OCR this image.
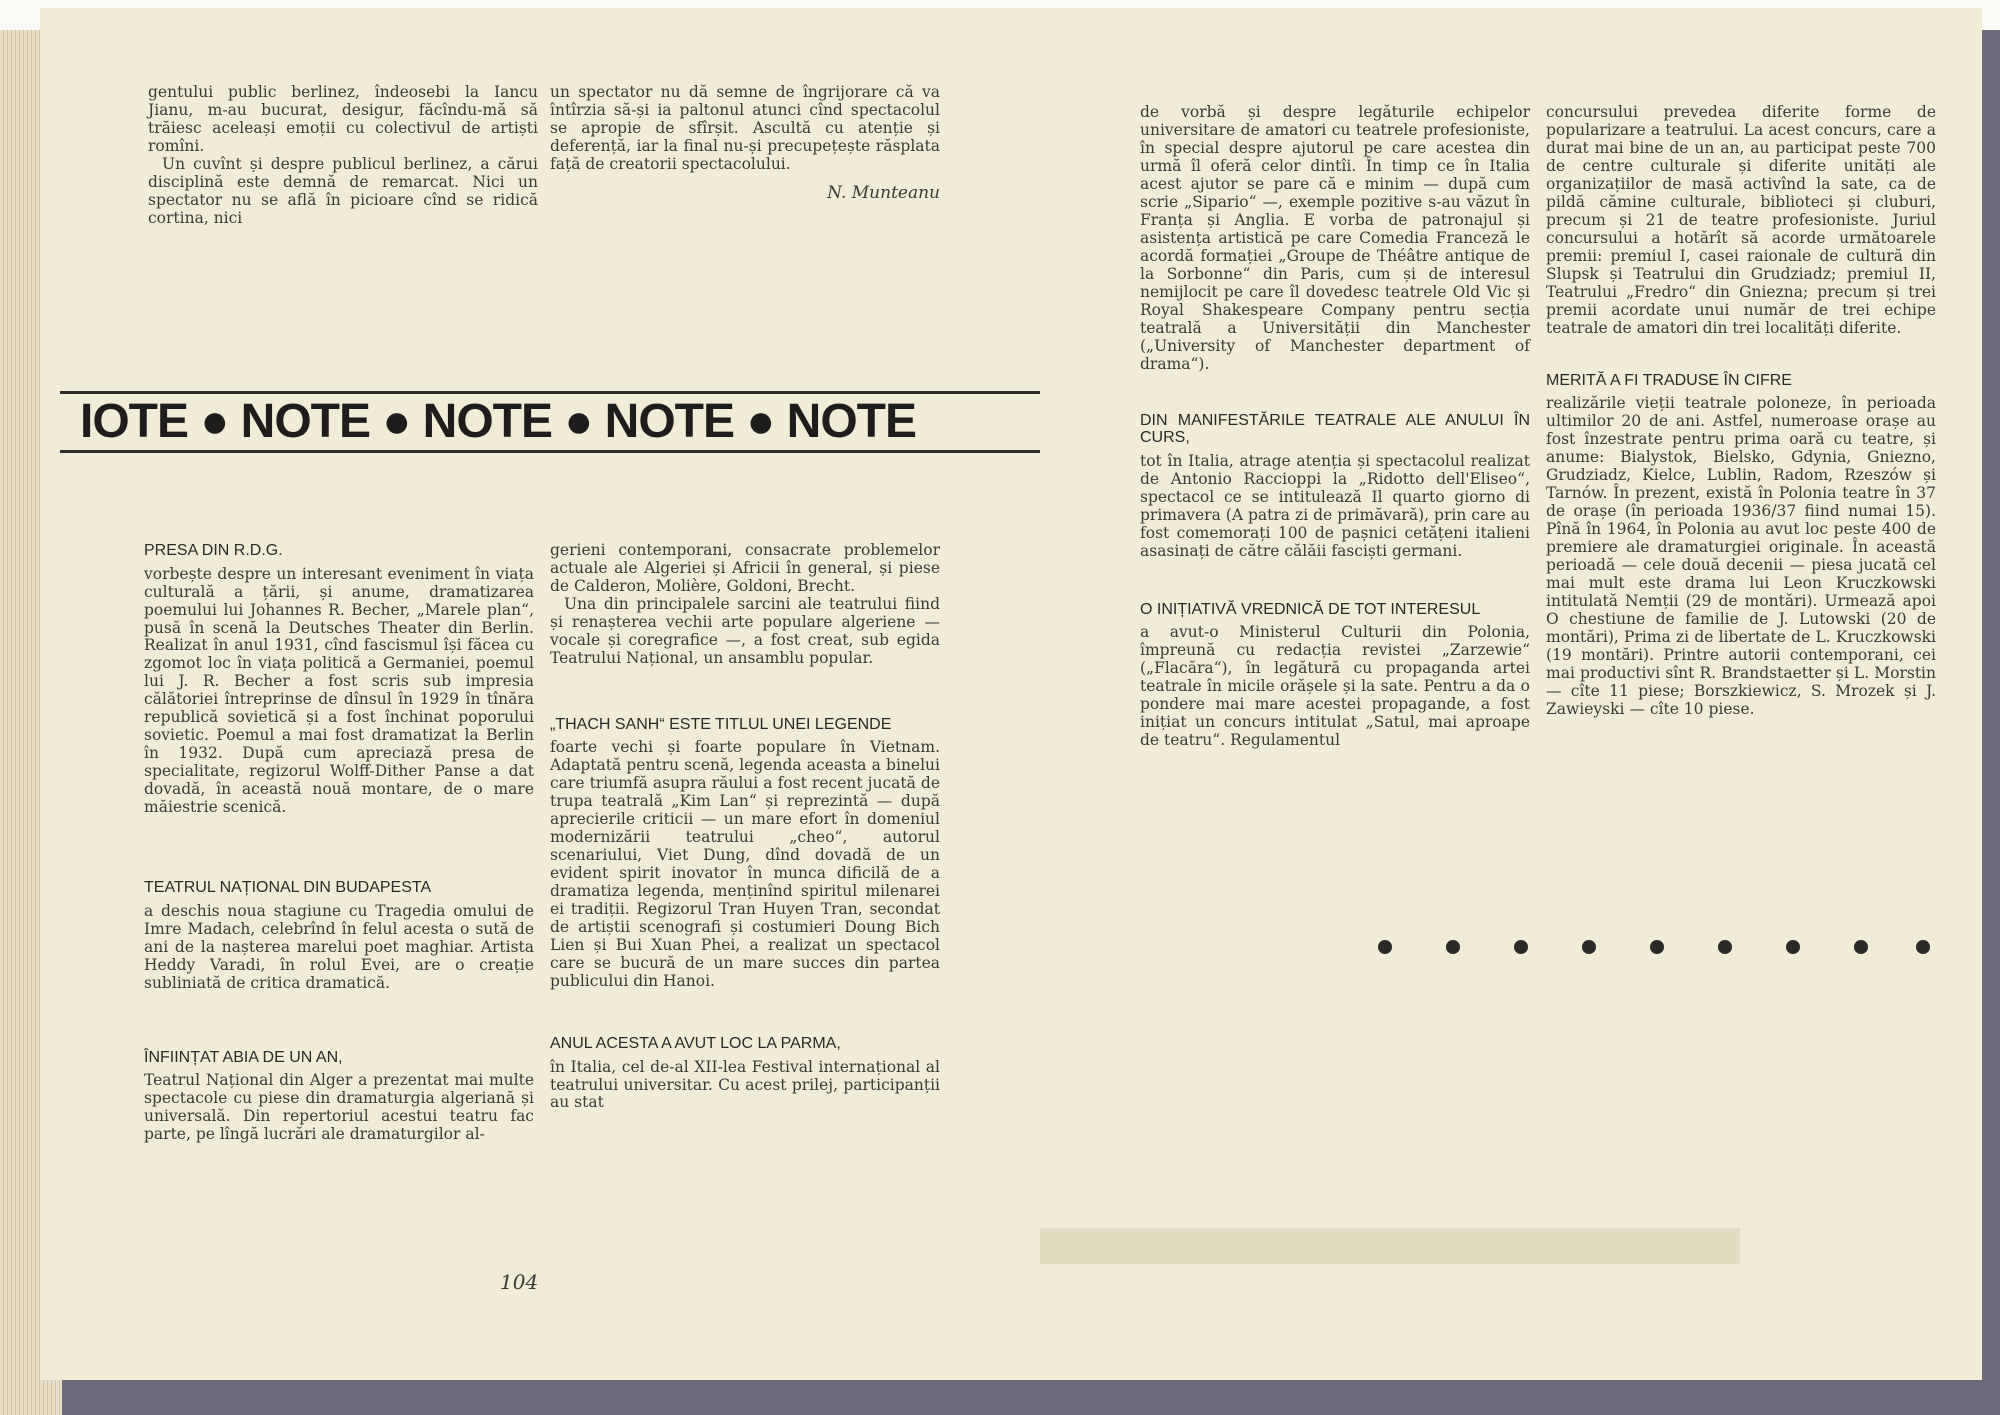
gentului public berlinez, îndeosebi la Iancu Jianu, m-au bucurat, desigur, făcîndu-mă să trăiesc aceleași emoții cu colectivul de artiști romîni.

Un cuvînt și despre publicul berlinez, a cărui disciplină este demnă de remarcat. Nici un spectator nu se află în picioare cînd se ridică cortina, nici

un spectator nu dă semne de îngrijorare că va întîrzia să-și ia paltonul atunci cînd spectacolul se apropie de sfîrșit. Ascultă cu atenție și deferență, iar la final nu-și precupețește răsplata față de creatorii spectacolului.

N. Munteanu
IOTE ● NOTE ● NOTE ● NOTE ● NOTE
PRESA DIN R.D.G.

vorbește despre un interesant eveniment în viața culturală a țării, și anume, dramatizarea poemului lui Johannes R. Becher, „Marele plan“, pusă în scenă la Deutsches Theater din Berlin. Realizat în anul 1931, cînd fascismul își făcea cu zgomot loc în viața politică a Germaniei, poemul lui J. R. Becher a fost scris sub impresia călătoriei întreprinse de dînsul în 1929 în tînăra republică sovietică și a fost închinat poporului sovietic. Poemul a mai fost dramatizat la Berlin în 1932. După cum apreciază presa de specialitate, regizorul Wolff-Dither Panse a dat dovadă, în această nouă montare, de o mare măiestrie scenică.

TEATRUL NAȚIONAL DIN BUDAPESTA

a deschis noua stagiune cu Tragedia omului de Imre Madach, celebrînd în felul acesta o sută de ani de la nașterea marelui poet maghiar. Artista Heddy Varadi, în rolul Evei, are o creație subliniată de critica dramatică.

ÎNFIINȚAT ABIA DE UN AN,

Teatrul Național din Alger a prezentat mai multe spectacole cu piese din dramaturgia algeriană și universală. Din repertoriul acestui teatru fac parte, pe lîngă lucrări ale dramaturgilor al-

gerieni contemporani, consacrate problemelor actuale ale Algeriei și Africii în general, și piese de Calderon, Molière, Goldoni, Brecht.

Una din principalele sarcini ale teatrului fiind și renașterea vechii arte populare algeriene — vocale și coregrafice —, a fost creat, sub egida Teatrului Național, un ansamblu popular.

„THACH SANH“ ESTE TITLUL UNEI LEGENDE

foarte vechi și foarte populare în Vietnam. Adaptată pentru scenă, legenda aceasta a binelui care triumfă asupra răului a fost recent jucată de trupa teatrală „Kim Lan“ și reprezintă — după aprecierile criticii — un mare efort în domeniul modernizării teatrului „cheo“, autorul scenariului, Viet Dung, dînd dovadă de un evident spirit inovator în munca dificilă de a dramatiza legenda, menținînd spiritul milenarei ei tradiții. Regizorul Tran Huyen Tran, secondat de artiștii scenografi și costumieri Doung Bich Lien și Bui Xuan Phei, a realizat un spectacol care se bucură de un mare succes din partea publicului din Hanoi.

ANUL ACESTA A AVUT LOC LA PARMA,

în Italia, cel de-al XII-lea Festival internațional al teatrului universitar. Cu acest prilej, participanții au stat

104

de vorbă și despre legăturile echipelor universitare de amatori cu teatrele profesioniste, în special despre ajutorul pe care acestea din urmă îl oferă celor dintîi. În timp ce în Italia acest ajutor se pare că e minim — după cum scrie „Sipario“ —, exemple pozitive s-au văzut în Franța și Anglia. E vorba de patronajul și asistența artistică pe care Comedia Franceză le acordă formației „Groupe de Théâtre antique de la Sorbonne“ din Paris, cum și de interesul nemijlocit pe care îl dovedesc teatrele Old Vic și Royal Shakespeare Company pentru secția teatrală a Universității din Manchester („University of Manchester department of drama“).

DIN MANIFESTĂRILE TEATRALE ALE ANULUI ÎN CURS,

tot în Italia, atrage atenția și spectacolul realizat de Antonio Raccioppi la „Ridotto dell'Eliseo“, spectacol ce se intitulează Il quarto giorno di primavera (A patra zi de primăvară), prin care au fost comemorați 100 de pașnici cetățeni italieni asasinați de către călăii fasciști germani.

O INIȚIATIVĂ VREDNICĂ DE TOT INTERESUL

a avut-o Ministerul Culturii din Polonia, împreună cu redacția revistei „Zarzewie“ („Flacăra“), în legătură cu propaganda artei teatrale în micile orășele și la sate. Pentru a da o pondere mai mare acestei propagande, a fost inițiat un concurs intitulat „Satul, mai aproape de teatru“. Regulamentul

concursului prevedea diferite forme de popularizare a teatrului. La acest concurs, care a durat mai bine de un an, au participat peste 700 de centre culturale și diferite unități ale organizațiilor de masă activînd la sate, ca de pildă cămine culturale, biblioteci și cluburi, precum și 21 de teatre profesioniste. Juriul concursului a hotărît să acorde următoarele premii: premiul I, casei raionale de cultură din Slupsk și Teatrului din Grudziadz; premiul II, Teatrului „Fredro“ din Gniezna; precum și trei premii acordate unui număr de trei echipe teatrale de amatori din trei localități diferite.

MERITĂ A FI TRADUSE ÎN CIFRE

realizările vieții teatrale poloneze, în perioada ultimilor 20 de ani. Astfel, numeroase orașe au fost înzestrate pentru prima oară cu teatre, și anume: Bialystok, Bielsko, Gdynia, Gniezno, Grudziadz, Kielce, Lublin, Radom, Rzeszów și Tarnów. În prezent, există în Polonia teatre în 37 de orașe (în perioada 1936/37 fiind numai 15). Pînă în 1964, în Polonia au avut loc peste 400 de premiere ale dramaturgiei originale. În această perioadă — cele două decenii — piesa jucată cel mai mult este drama lui Leon Kruczkowski intitulată Nemții (29 de montări). Urmează apoi O chestiune de familie de J. Lutowski (20 de montări), Prima zi de libertate de L. Kruczkowski (19 montări). Printre autorii contemporani, cei mai productivi sînt R. Brandstaetter și L. Morstin — cîte 11 piese; Borszkiewicz, S. Mrozek și J. Zawieyski — cîte 10 piese.
